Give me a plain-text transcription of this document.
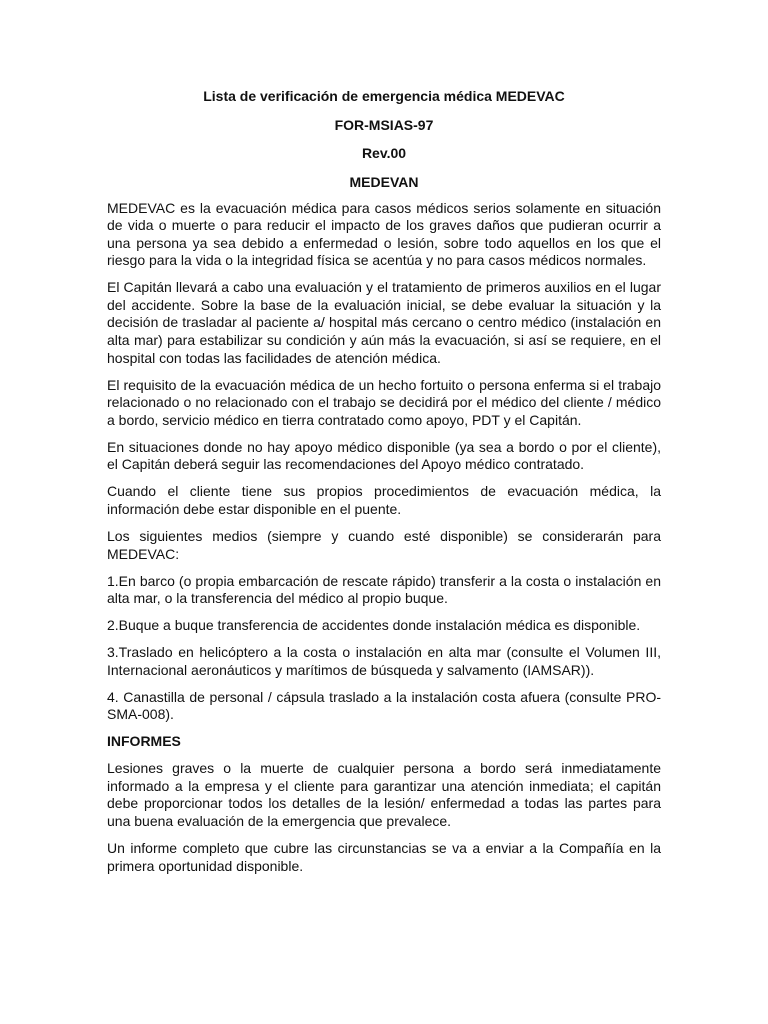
Lista de verificación de emergencia médica MEDEVAC
FOR-MSIAS-97
Rev.00
MEDEVAN

MEDEVAC es la evacuación médica para casos médicos serios solamente en situación de vida o muerte o para reducir el impacto de los graves daños que pudieran ocurrir a una persona ya sea debido a enfermedad o lesión, sobre todo aquellos en los que el riesgo para la vida o la integridad física se acentúa y no para casos médicos normales.

El Capitán llevará a cabo una evaluación y el tratamiento de primeros auxilios en el lugar del accidente. Sobre la base de la evaluación inicial, se debe evaluar la situación y la decisión de trasladar al paciente a/ hospital más cercano o centro médico (instalación en alta mar) para estabilizar su condición y aún más la evacuación, si así se requiere, en el hospital con todas las facilidades de atención médica.

El requisito de la evacuación médica de un hecho fortuito o persona enferma si el trabajo relacionado o no relacionado con el trabajo se decidirá por el médico del cliente / médico a bordo, servicio médico en tierra contratado como apoyo, PDT y el Capitán.

En situaciones donde no hay apoyo médico disponible (ya sea a bordo o por el cliente), el Capitán deberá seguir las recomendaciones del Apoyo médico contratado.

Cuando el cliente tiene sus propios procedimientos de evacuación médica, la información debe estar disponible en el puente.

Los siguientes medios (siempre y cuando esté disponible) se considerarán para MEDEVAC:

1.En barco (o propia embarcación de rescate rápido) transferir a la costa o instalación en alta mar, o la transferencia del médico al propio buque.

2.Buque a buque transferencia de accidentes donde instalación médica es disponible.

3.Traslado en helicóptero a la costa o instalación en alta mar (consulte el Volumen III, Internacional aeronáuticos y marítimos de búsqueda y salvamento (IAMSAR)).

4. Canastilla de personal / cápsula traslado a la instalación costa afuera (consulte PRO-SMA-008).

INFORMES

Lesiones graves o la muerte de cualquier persona a bordo será inmediatamente informado a la empresa y el cliente para garantizar una atención inmediata; el capitán debe proporcionar todos los detalles de la lesión/ enfermedad a todas las partes para una buena evaluación de la emergencia que prevalece.

Un informe completo que cubre las circunstancias se va a enviar a la Compañía en la primera oportunidad disponible.
